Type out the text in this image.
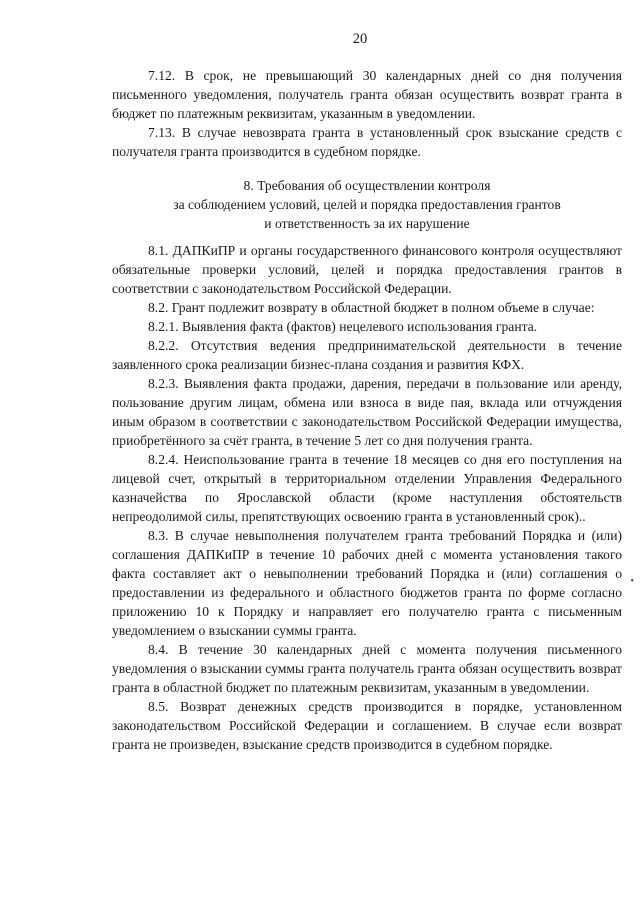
20

7.12. В срок, не превышающий 30 календарных дней со дня получения письменного уведомления, получатель гранта обязан осуществить возврат гранта в бюджет по платежным реквизитам, указанным в уведомлении.

7.13. В случае невозврата гранта в установленный срок взыскание средств с получателя гранта производится в судебном порядке.

8. Требования об осуществлении контроля
за соблюдением условий, целей и порядка предоставления грантов
и ответственность за их нарушение

8.1. ДАПКиПР и органы государственного финансового контроля осуществляют обязательные проверки условий, целей и порядка предоставления грантов в соответствии с законодательством Российской Федерации.

8.2. Грант подлежит возврату в областной бюджет в полном объеме в случае:

8.2.1. Выявления факта (фактов) нецелевого использования гранта.

8.2.2. Отсутствия ведения предпринимательской деятельности в течение заявленного срока реализации бизнес-плана создания и развития КФХ.

8.2.3. Выявления факта продажи, дарения, передачи в пользование или аренду, пользование другим лицам, обмена или взноса в виде пая, вклада или отчуждения иным образом в соответствии с законодательством Российской Федерации имущества, приобретённого за счёт гранта, в течение 5 лет со дня получения гранта.

8.2.4. Неиспользование гранта в течение 18 месяцев со дня его поступления на лицевой счет, открытый в территориальном отделении Управления Федерального казначейства по Ярославской области (кроме наступления обстоятельств непреодолимой силы, препятствующих освоению гранта в установленный срок)..

8.3. В случае невыполнения получателем гранта требований Порядка и (или) соглашения ДАПКиПР в течение 10 рабочих дней с момента установления такого факта составляет акт о невыполнении требований Порядка и (или) соглашения о предоставлении из федерального и областного бюджетов гранта по форме согласно приложению 10 к Порядку и направляет его получателю гранта с письменным уведомлением о взыскании суммы гранта.

8.4. В течение 30 календарных дней с момента получения письменного уведомления о взыскании суммы гранта получатель гранта обязан осуществить возврат гранта в областной бюджет по платежным реквизитам, указанным в уведомлении.

8.5. Возврат денежных средств производится в порядке, установленном законодательством Российской Федерации и соглашением. В случае если возврат гранта не произведен, взыскание средств производится в судебном порядке.

•
